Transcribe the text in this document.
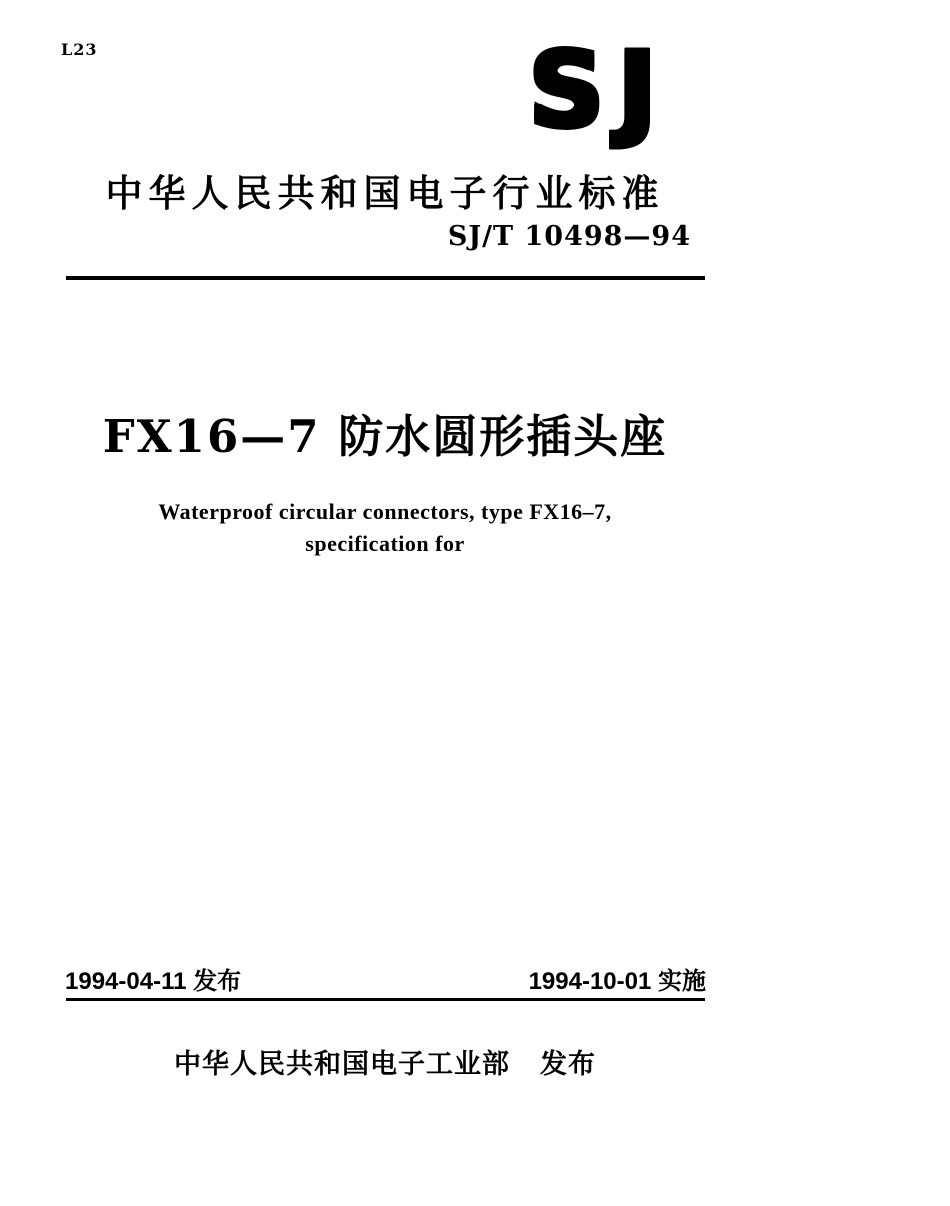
L23	SJ
中华人民共和国电子行业标准
SJ/T 10498—94
FX16—7 防水圆形插头座
Waterproof circular connectors, type FX16–7,
specification for
1994-04-11 发布	1994-10-01 实施
中华人民共和国电子工业部 发布
